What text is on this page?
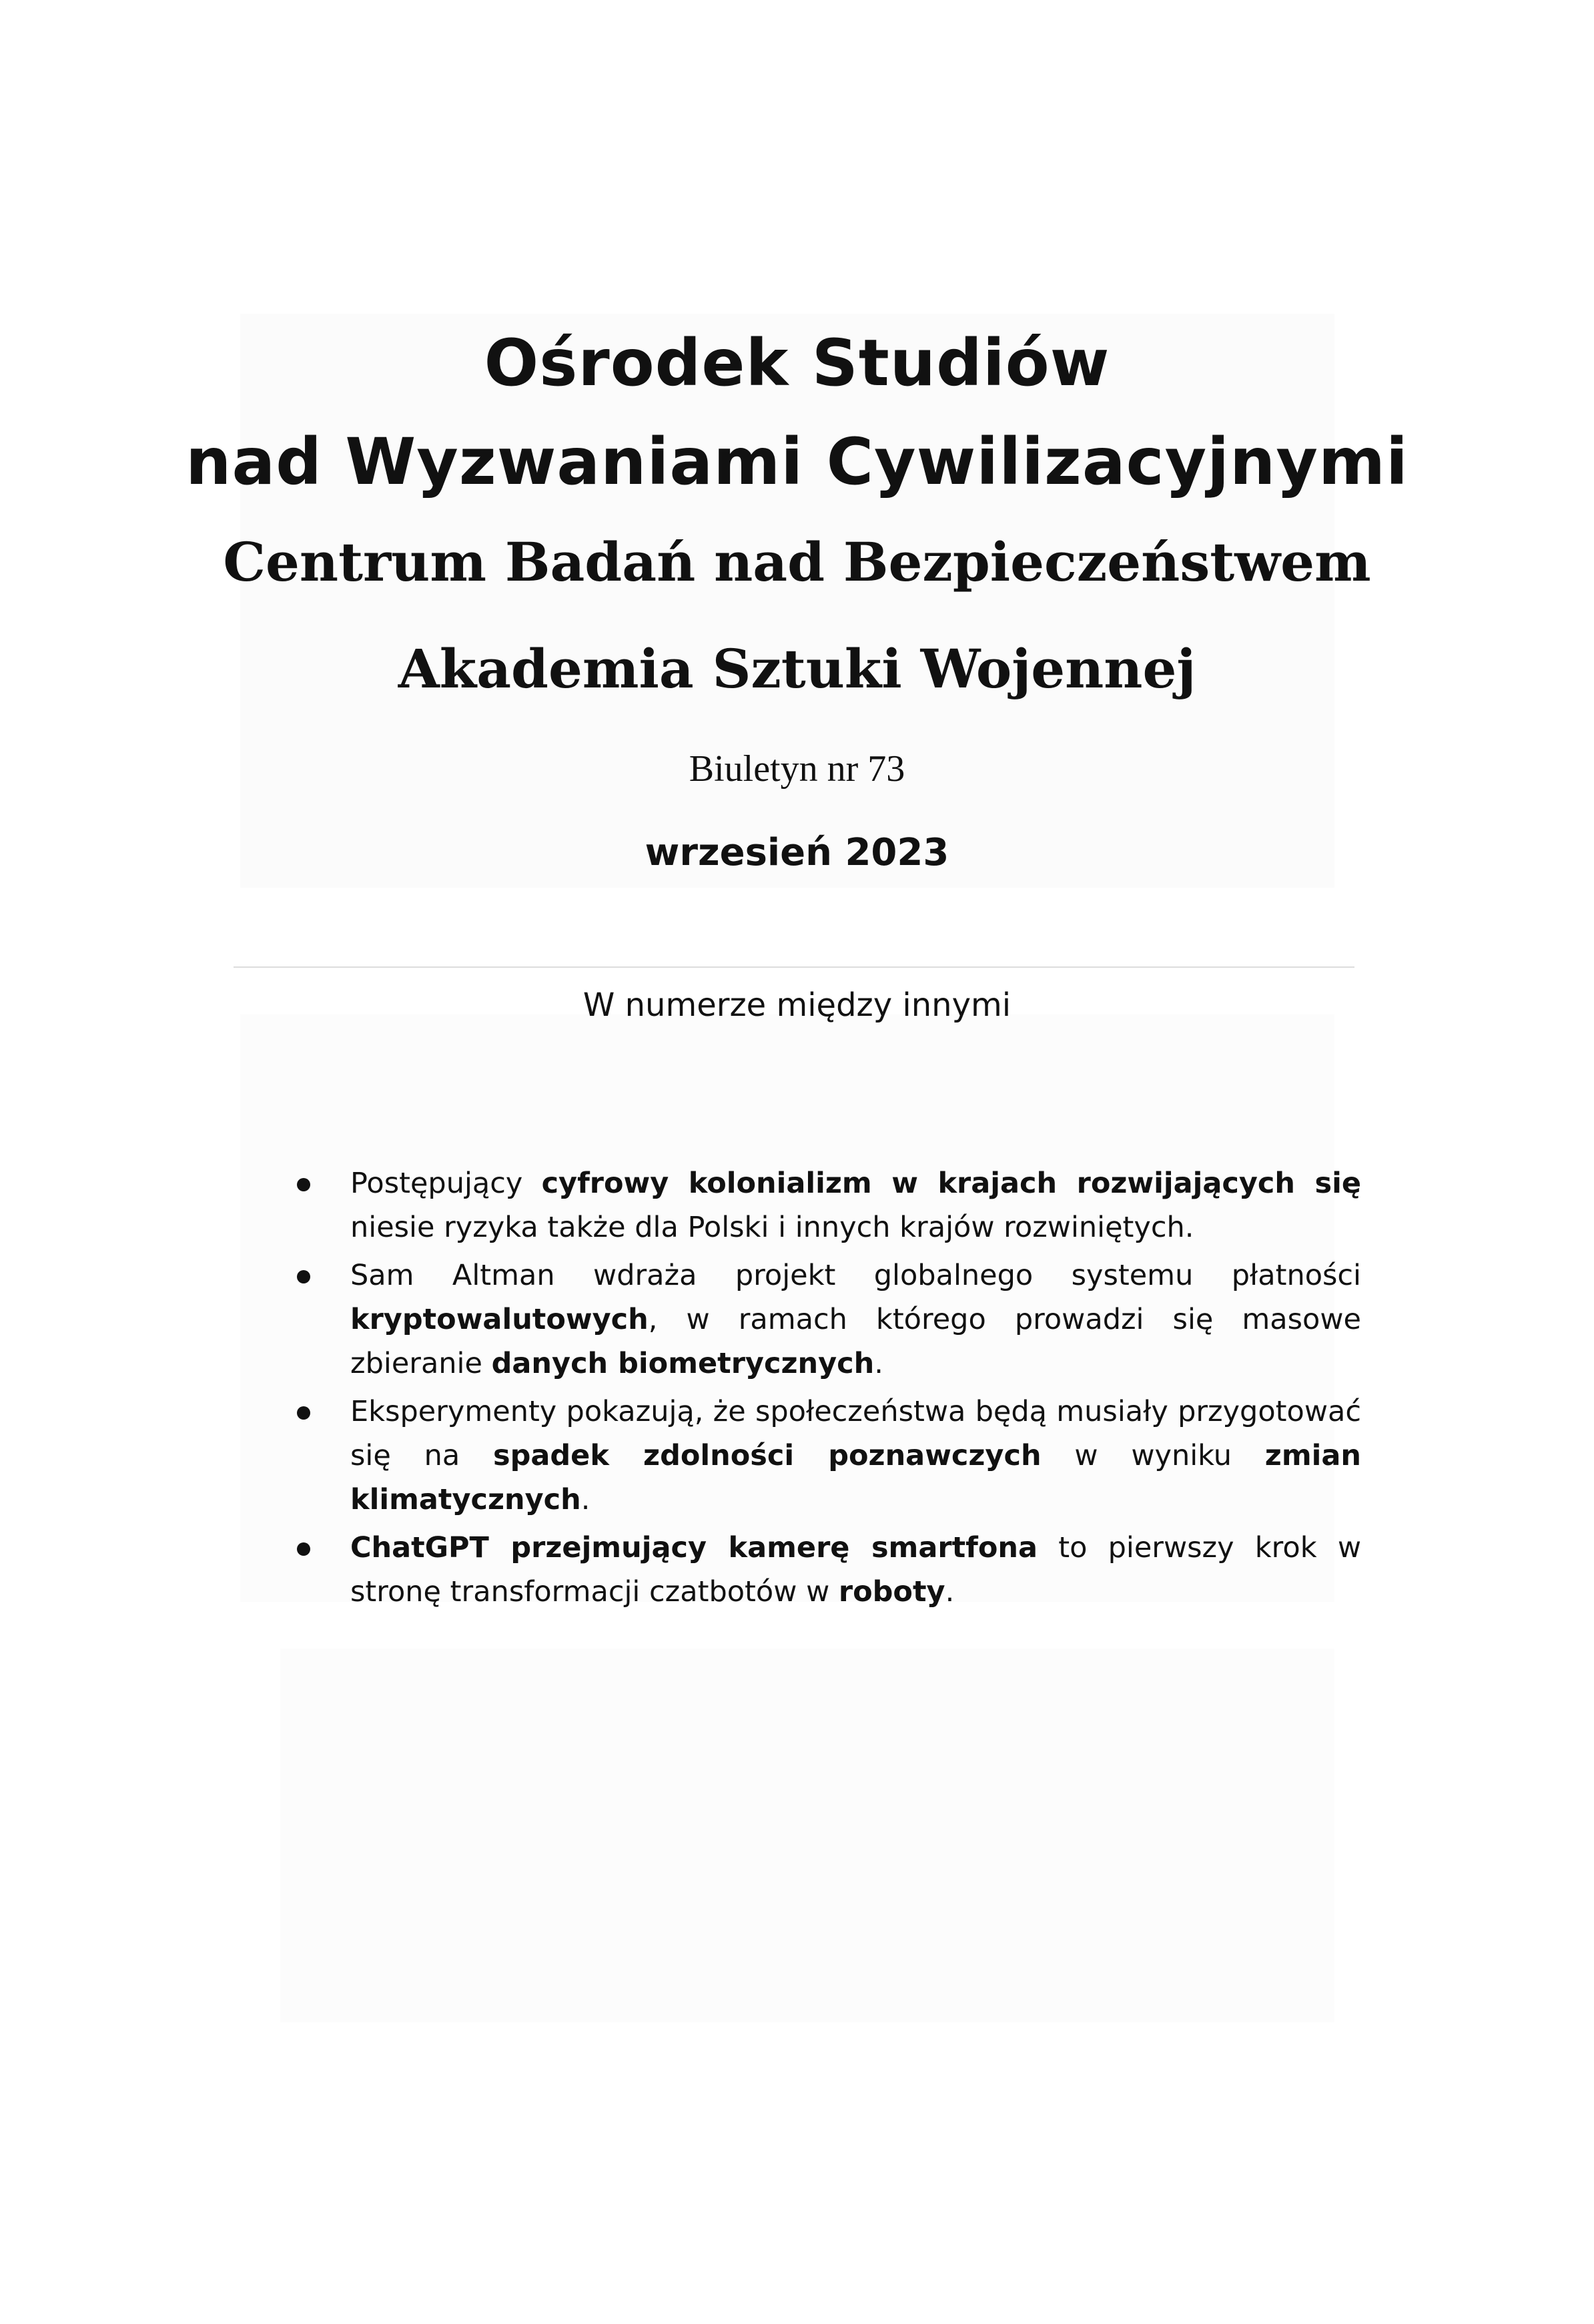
Ośrodek Studiów
nad Wyzwaniami Cywilizacyjnymi
Centrum Badań nad Bezpieczeństwem
Akademia Sztuki Wojennej
Biuletyn nr 73
wrzesień 2023
W numerze między innymi
Postępujący cyfrowy kolonializm w krajach rozwijających się niesie ryzyka także dla Polski i innych krajów rozwiniętych.
Sam Altman wdraża projekt globalnego systemu płatności kryptowalutowych, w ramach którego prowadzi się masowe zbieranie danych biometrycznych.
Eksperymenty pokazują, że społeczeństwa będą musiały przygotować się na spadek zdolności poznawczych w wyniku zmian klimatycznych.
ChatGPT przejmujący kamerę smartfona to pierwszy krok w stronę transformacji czatbotów w roboty.
